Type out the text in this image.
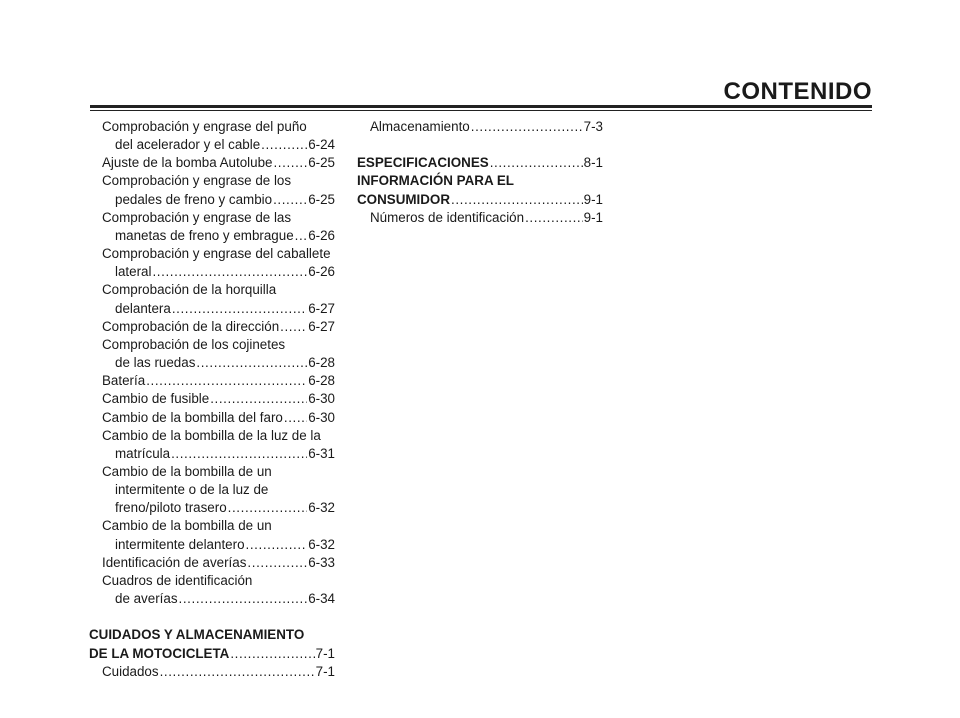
CONTENIDO
Comprobación y engrase del puño
del acelerador y el cable .....	6-24
Ajuste de la bomba Autolube .....	6-25
Comprobación y engrase de los
pedales de freno y cambio .....	6-25
Comprobación y engrase de las
manetas de freno y embrague ..... 6-26
Comprobación y engrase del caballete
lateral .....	6-26
Comprobación de la horquilla
delantera .....	6-27
Comprobación de la dirección ..... 6-27
Comprobación de los cojinetes
de las ruedas .....	6-28
Batería .....	6-28
Cambio de fusible .....	6-30
Cambio de la bombilla del faro ..... 6-30
Cambio de la bombilla de la luz de la
matrícula .....	6-31
Cambio de la bombilla de un
intermitente o de la luz de
freno/piloto trasero .....	6-32
Cambio de la bombilla de un
intermitente delantero .....	6-32
Identificación de averías .....	6-33
Cuadros de identificación
de averías .....	6-34
CUIDADOS Y ALMACENAMIENTO
DE LA MOTOCICLETA .....	7-1
Cuidados .....	7-1
Almacenamiento .....	7-3
ESPECIFICACIONES .....	8-1
INFORMACIÓN PARA EL
CONSUMIDOR .....	9-1
Números de identificación .....	9-1
